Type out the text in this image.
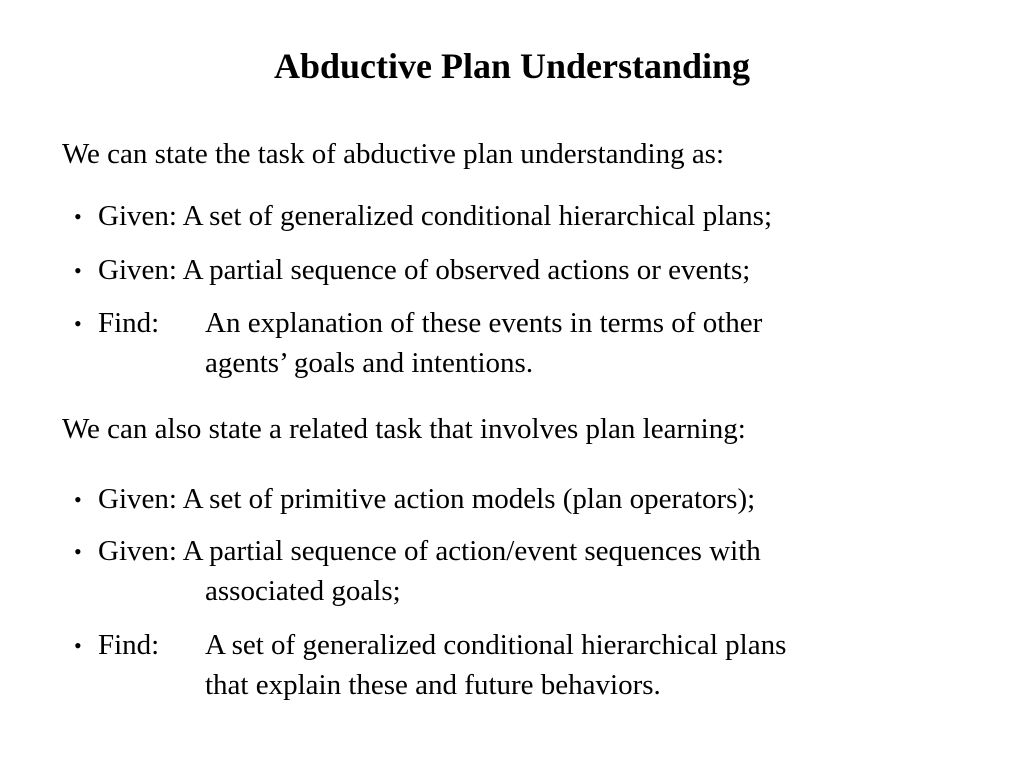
Abductive Plan Understanding
We can state the task of abductive plan understanding as:
• Given: A set of generalized conditional hierarchical plans;
• Given: A partial sequence of observed actions or events;
• Find:	An explanation of these events in terms of other
agents’ goals and intentions.
We can also state a related task that involves plan learning:
• Given: A set of primitive action models (plan operators);
• Given: A partial sequence of action/event sequences with
associated goals;
• Find:	A set of generalized conditional hierarchical plans
that explain these and future behaviors.
